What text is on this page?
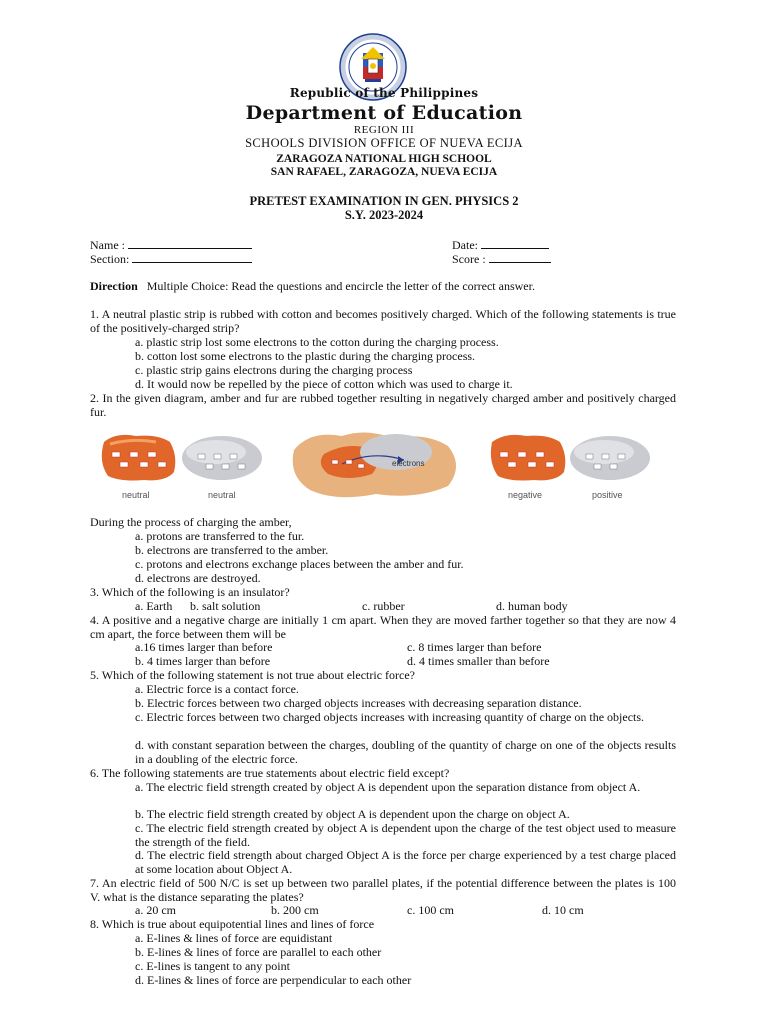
Republic of the Philippines
Department of Education
REGION III
SCHOOLS DIVISION OFFICE OF NUEVA ECIJA
ZARAGOZA NATIONAL HIGH SCHOOL
SAN RAFAEL, ZARAGOZA, NUEVA ECIJA
PRETEST EXAMINATION IN GEN. PHYSICS 2
S.Y. 2023-2024
Name :
Section:
Date:
Score :
Direction Multiple Choice: Read the questions and encircle the letter of the correct answer.
1. A neutral plastic strip is rubbed with cotton and becomes positively charged. Which of the following statements is true of the positively-charged strip?
a. plastic strip lost some electrons to the cotton during the charging process.
b. cotton lost some electrons to the plastic during the charging process.
c. plastic strip gains electrons during the charging process
d. It would now be repelled by the piece of cotton which was used to charge it.
2. In the given diagram, amber and fur are rubbed together resulting in negatively charged amber and positively charged fur.
neutral	neutral
electrons
negative	positive
During the process of charging the amber,
a. protons are transferred to the fur.
b. electrons are transferred to the amber.
c. protons and electrons exchange places between the amber and fur.
d. electrons are destroyed.
3. Which of the following is an insulator?
a. Earth b. salt solution	c. rubber	d. human body
4. A positive and a negative charge are initially 1 cm apart. When they are moved farther together so that they are now 4 cm apart, the force between them will be
a.16 times larger than before	c. 8 times larger than before
b. 4 times larger than before	d. 4 times smaller than before
5. Which of the following statement is not true about electric force?
a. Electric force is a contact force.
b. Electric forces between two charged objects increases with decreasing separation distance.
c. Electric forces between two charged objects increases with increasing quantity of charge on the objects.
d. with constant separation between the charges, doubling of the quantity of charge on one of the objects results in a doubling of the electric force.
6. The following statements are true statements about electric field except?
a. The electric field strength created by object A is dependent upon the separation distance from object A.
b. The electric field strength created by object A is dependent upon the charge on object A.
c. The electric field strength created by object A is dependent upon the charge of the test object used to measure the strength of the field.
d. The electric field strength about charged Object A is the force per charge experienced by a test charge placed at some location about Object A.
7. An electric field of 500 N/C is set up between two parallel plates, if the potential difference between the plates is 100 V. what is the distance separating the plates?
a. 20 cm	b. 200 cm	c. 100 cm	d. 10 cm
8. Which is true about equipotential lines and lines of force
a. E-lines & lines of force are equidistant
b. E-lines & lines of force are parallel to each other
c. E-lines is tangent to any point
d. E-lines & lines of force are perpendicular to each other
